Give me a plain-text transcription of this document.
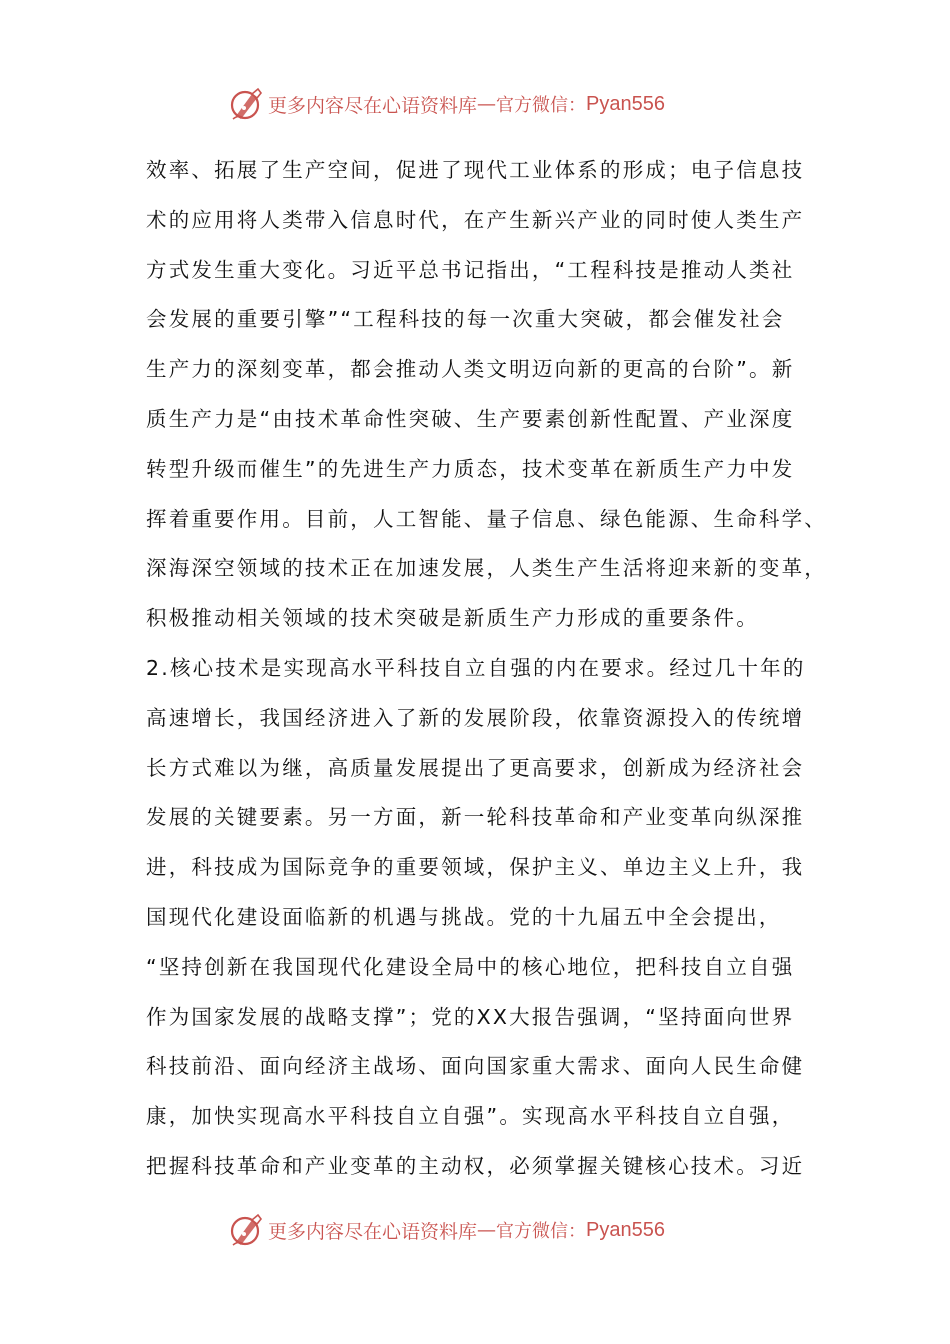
更多内容尽在心语资料库 — 官方微信： Pyan556
效率、拓展了生产空间，促进了现代工业体系的形成；电子信息技
术的应用将人类带入信息时代，在产生新兴产业的同时使人类生产
方式发生重大变化。习近平总书记指出，“工程科技是推动人类社
会发展的重要引擎”“工程科技的每一次重大突破，都会催发社会
生产力的深刻变革，都会推动人类文明迈向新的更高的台阶”。新
质生产力是“由技术革命性突破、生产要素创新性配置、产业深度
转型升级而催生”的先进生产力质态，技术变革在新质生产力中发
挥着重要作用。目前，人工智能、量子信息、绿色能源、生命科学、
深海深空领域的技术正在加速发展，人类生产生活将迎来新的变革，
积极推动相关领域的技术突破是新质生产力形成的重要条件。
2.核心技术是实现高水平科技自立自强的内在要求。经过几十年的
高速增长，我国经济进入了新的发展阶段，依靠资源投入的传统增
长方式难以为继，高质量发展提出了更高要求，创新成为经济社会
发展的关键要素。另一方面，新一轮科技革命和产业变革向纵深推
进，科技成为国际竞争的重要领域，保护主义、单边主义上升，我
国现代化建设面临新的机遇与挑战。党的十九届五中全会提出，
“坚持创新在我国现代化建设全局中的核心地位，把科技自立自强
作为国家发展的战略支撑”；党的XX大报告强调，“坚持面向世界
科技前沿、面向经济主战场、面向国家重大需求、面向人民生命健
康，加快实现高水平科技自立自强”。实现高水平科技自立自强，
把握科技革命和产业变革的主动权，必须掌握关键核心技术。习近
更多内容尽在心语资料库 — 官方微信： Pyan556
